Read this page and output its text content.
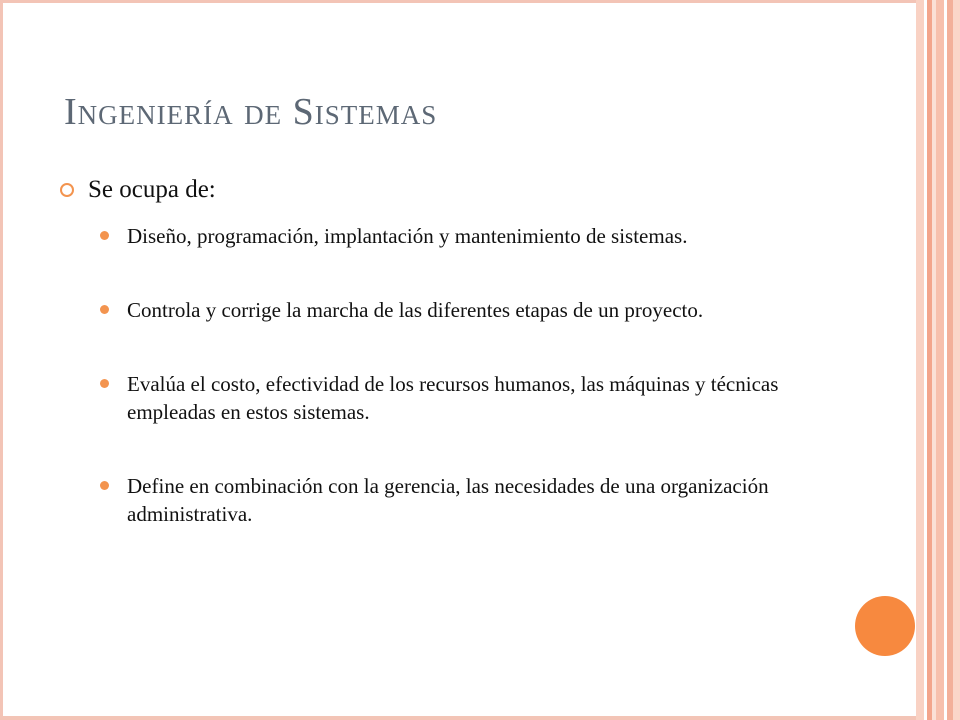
Ingeniería de Sistemas
Se ocupa de:
Diseño, programación, implantación y mantenimiento de sistemas.
Controla y corrige la marcha de las diferentes etapas de un proyecto.
Evalúa el costo, efectividad de los recursos humanos, las máquinas y técnicas empleadas en estos sistemas.
Define en combinación con la gerencia, las necesidades de una organización administrativa.
